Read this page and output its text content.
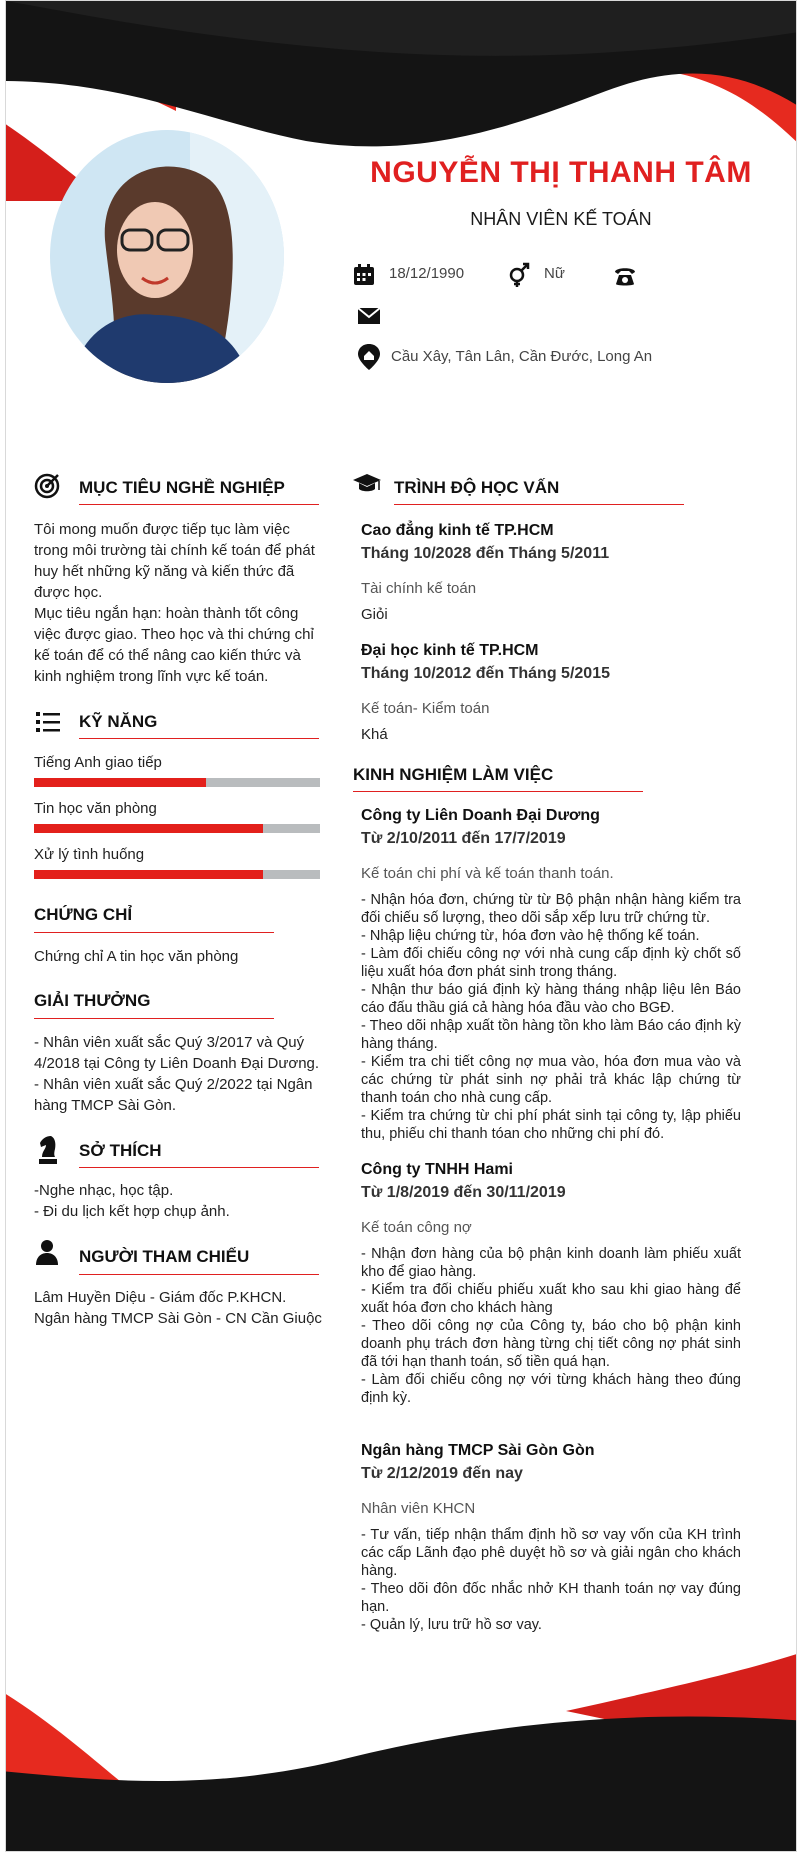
NGUYỄN THỊ THANH TÂM
NHÂN VIÊN KẾ TOÁN
18/12/1990	Nữ
Cầu Xây, Tân Lân, Cần Đước, Long An
MỤC TIÊU NGHỀ NGHIỆP
Tôi mong muốn được tiếp tục làm việc
trong môi trường tài chính kế toán để phát
huy hết những kỹ năng và kiến thức đã
được học.
Mục tiêu ngắn hạn: hoàn thành tốt công
việc được giao. Theo học và thi chứng chỉ
kế toán để có thể nâng cao kiến thức và
kinh nghiệm trong lĩnh vực kế toán.
KỸ NĂNG
Tiếng Anh giao tiếp
Tin học văn phòng
Xử lý tình huống
CHỨNG CHỈ
Chứng chỉ A tin học văn phòng
GIẢI THƯỞNG
- Nhân viên xuất sắc Quý 3/2017 và Quý
4/2018 tại Công ty Liên Doanh Đại Dương.
- Nhân viên xuất sắc Quý 2/2022 tại Ngân
hàng TMCP Sài Gòn.
SỞ THÍCH
-Nghe nhạc, học tập.
- Đi du lịch kết hợp chụp ảnh.
NGƯỜI THAM CHIẾU
Lâm Huyền Diệu - Giám đốc P.KHCN.
Ngân hàng TMCP Sài Gòn - CN Cần Giuộc
TRÌNH ĐỘ HỌC VẤN
Cao đẳng kinh tế TP.HCM
Tháng 10/2028 đến Tháng 5/2011
Tài chính kế toán
Giỏi
Đại học kinh tế TP.HCM
Tháng 10/2012 đến Tháng 5/2015
Kế toán- Kiểm toán
Khá
KINH NGHIỆM LÀM VIỆC
Công ty Liên Doanh Đại Dương
Từ 2/10/2011 đến 17/7/2019
Kế toán chi phí và kế toán thanh toán.
- Nhận hóa đơn, chứng từ từ Bộ phận nhận hàng kiểm tra đối chiếu số lượng, theo dõi sắp xếp lưu trữ chứng từ.
- Nhập liệu chứng từ, hóa đơn vào hệ thống kế toán.
- Làm đối chiếu công nợ với nhà cung cấp định kỳ chốt số liệu xuất hóa đơn phát sinh trong tháng.
- Nhận thư báo giá định kỳ hàng tháng nhập liệu lên Báo cáo đấu thầu giá cả hàng hóa đầu vào cho BGĐ.
- Theo dõi nhập xuất tồn hàng tồn kho làm Báo cáo định kỳ hàng tháng.
- Kiểm tra chi tiết công nợ mua vào, hóa đơn mua vào và các chứng từ phát sinh nợ phải trả khác lập chứng từ thanh toán cho nhà cung cấp.
- Kiểm tra chứng từ chi phí phát sinh tại công ty, lập phiếu thu, phiếu chi thanh tóan cho những chi phí đó.
Công ty TNHH Hami
Từ 1/8/2019 đến 30/11/2019
Kế toán công nợ
- Nhận đơn hàng của bộ phận kinh doanh làm phiếu xuất kho để giao hàng.
- Kiểm tra đối chiếu phiếu xuất kho sau khi giao hàng để xuất hóa đơn cho khách hàng
- Theo dõi công nợ của Công ty, báo cho bộ phận kinh doanh phụ trách đơn hàng từng chị tiết công nợ phát sinh đã tới hạn thanh toán, số tiền quá hạn.
- Làm đối chiếu công nợ với từng khách hàng theo đúng định kỳ.
Ngân hàng TMCP Sài Gòn Gòn
Từ 2/12/2019 đến nay
Nhân viên KHCN
- Tư vấn, tiếp nhận thẩm định hồ sơ vay vốn của KH trình các cấp Lãnh đạo phê duyệt hồ sơ và giải ngân cho khách hàng.
- Theo dõi đôn đốc nhắc nhở KH thanh toán nợ vay đúng hạn.
- Quản lý, lưu trữ hồ sơ vay.
